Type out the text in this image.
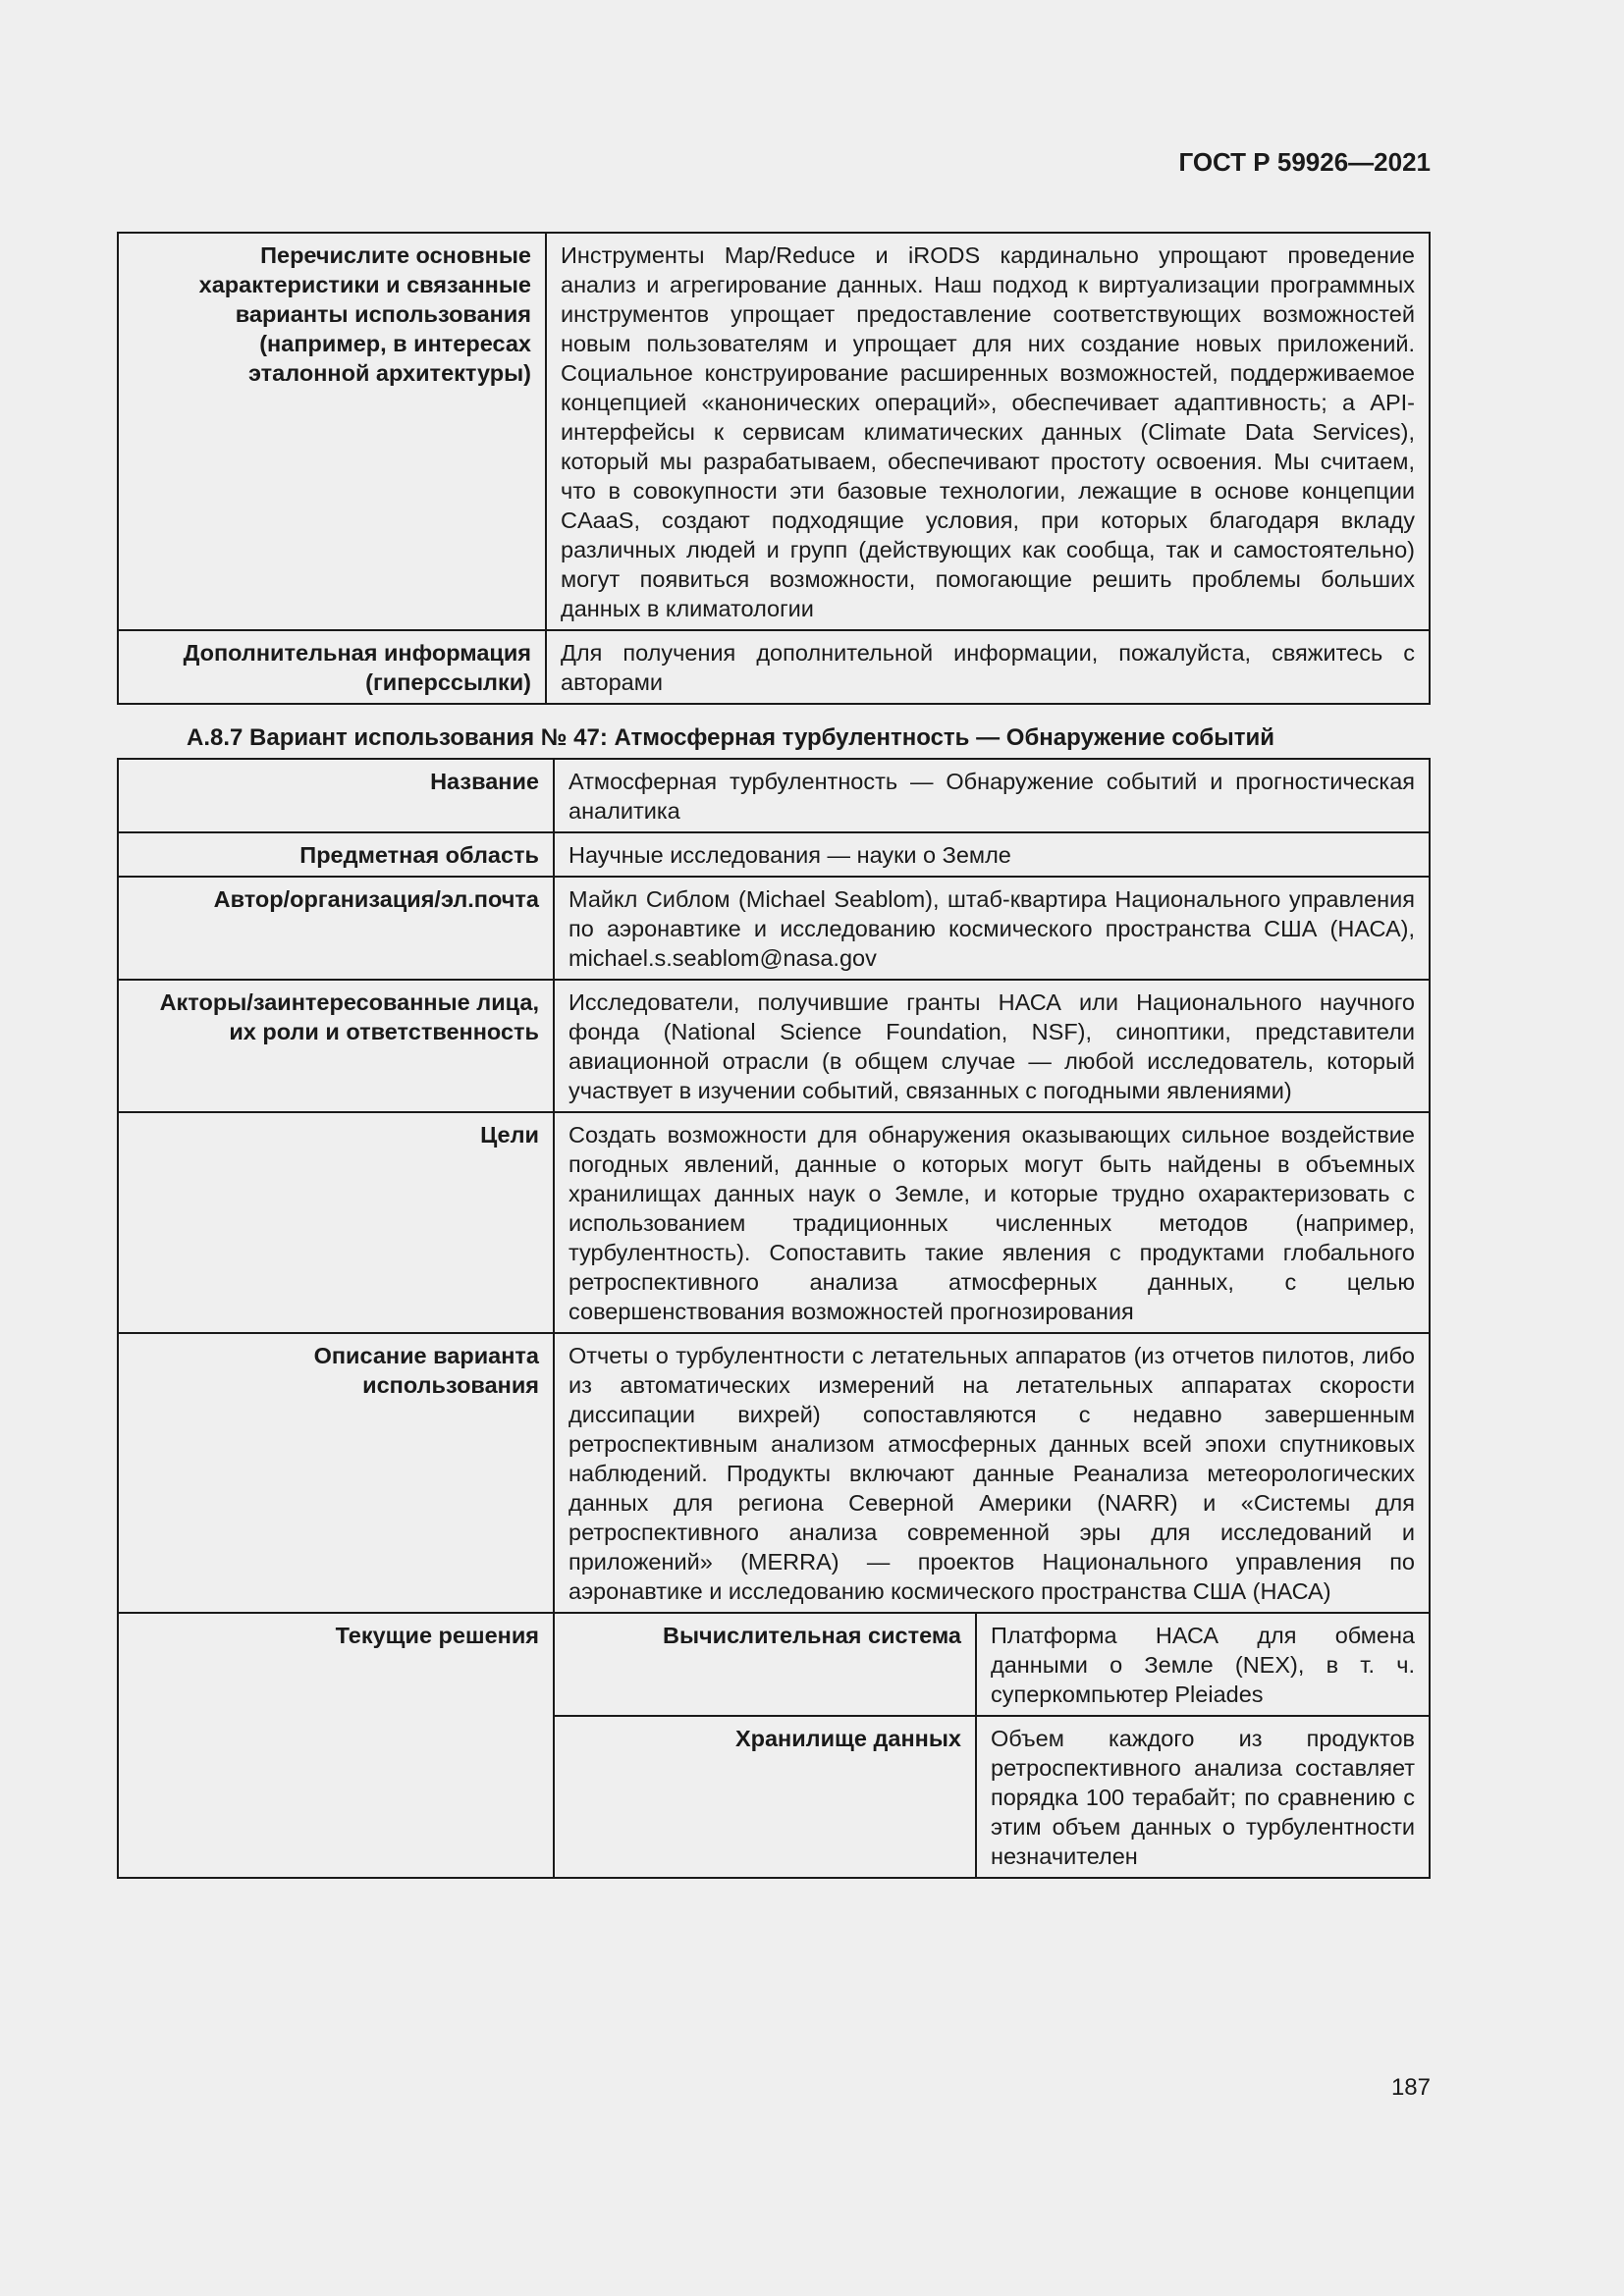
ГОСТ Р 59926—2021
Перечислите основные характеристики и связанные варианты использования (например, в интересах эталонной архитектуры)	Инструменты Map/Reduce и iRODS кардинально упрощают проведение анализ и агрегирование данных. Наш подход к виртуализации программных инструментов упрощает предоставление соответствующих возможностей новым пользователям и упрощает для них создание новых приложений. Социальное конструирование расширенных возможностей, поддерживаемое концепцией «канонических операций», обеспечивает адаптивность; а API-интерфейсы к сервисам климатических данных (Climate Data Services), который мы разрабатываем, обеспечивают простоту освоения. Мы считаем, что в совокупности эти базовые технологии, лежащие в основе концепции CAaaS, создают подходящие условия, при которых благодаря вкладу различных людей и групп (действующих как сообща, так и самостоятельно) могут появиться возможности, помогающие решить проблемы больших данных в климатологии
Дополнительная информация (гиперссылки)	Для получения дополнительной информации, пожалуйста, свяжитесь с авторами
А.8.7 Вариант использования № 47: Атмосферная турбулентность — Обнаружение событий
Название	Атмосферная турбулентность — Обнаружение событий и прогностическая аналитика	
Предметная область	Научные исследования — науки о Земле	
Автор/организация/эл.почта	Майкл Сиблом (Michael Seablom), штаб-квартира Национального управления по аэронавтике и исследованию космического пространства США (НАСА), michael.s.seablom@nasa.gov	
Акторы/заинтересованные лица, их роли и ответственность	Исследователи, получившие гранты НАСА или Национального научного фонда (National Science Foundation, NSF), синоптики, представители авиационной отрасли (в общем случае — любой исследователь, который участвует в изучении событий, связанных с погодными явлениями)	
Цели	Создать возможности для обнаружения оказывающих сильное воздействие погодных явлений, данные о которых могут быть найдены в объемных хранилищах данных наук о Земле, и которые трудно охарактеризовать с использованием традиционных численных методов (например, турбулентность). Сопоставить такие явления с продуктами глобального ретроспективного анализа атмосферных данных, с целью совершенствования возможностей прогнозирования	
Описание варианта использования	Отчеты о турбулентности с летательных аппаратов (из отчетов пилотов, либо из автоматических измерений на летательных аппаратах скорости диссипации вихрей) сопоставляются с недавно завершенным ретроспективным анализом атмосферных данных всей эпохи спутниковых наблюдений. Продукты включают данные Реанализа метеорологических данных для региона Северной Америки (NARR) и «Системы для ретроспективного анализа современной эры для исследований и приложений» (MERRA) — проектов Национального управления по аэронавтике и исследованию космического пространства США (НАСА)	
Текущие решения	Вычислительная система	Платформа НАСА для обмена данными о Земле (NEX), в т. ч. суперкомпьютер Pleiades
	Хранилище данных	Объем каждого из продуктов ретроспективного анализа составляет порядка 100 терабайт; по сравнению с этим объем данных о турбулентности незначителен
187
